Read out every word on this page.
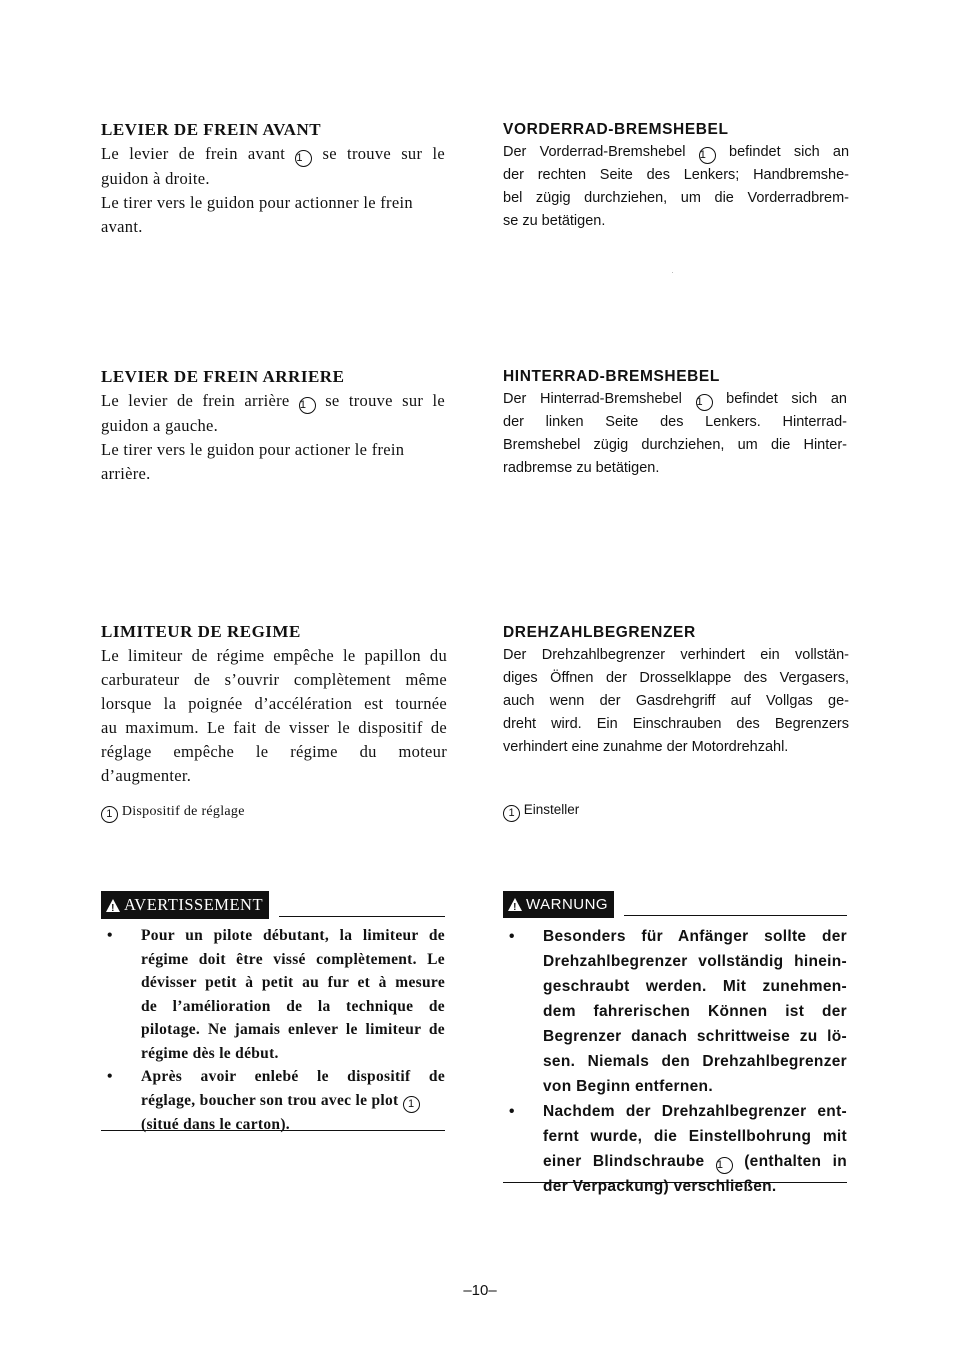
LEVIER DE FREIN AVANT

Le levier de frein avant 1 se trouve sur le
guidon à droite.
Le tirer vers le guidon pour actionner le frein
avant.

LEVIER DE FREIN ARRIERE

Le levier de frein arrière 1 se trouve sur le
guidon a gauche.
Le tirer vers le guidon pour actioner le frein
arrière.

LIMITEUR DE REGIME

Le limiteur de régime empêche le papillon du
carburateur de s’ouvrir complètement même
lorsque la poignée d’accélération est tournée
au maximum. Le fait de visser le dispositif de
réglage empêche le régime du moteur
d’augmenter.
1 Dispositif de réglage
! AVERTISSEMENT
• Pour un pilote débutant, la limiteur de
régime doit être vissé complètement. Le
dévisser petit à petit au fur et à mesure
de l’amélioration de la technique de
pilotage. Ne jamais enlever le limiteur de
régime dès le début.
• Après avoir enlebé le dispositif de
réglage, boucher son trou avec le plot 1
(situé dans le carton).

VORDERRAD-BREMSHEBEL

Der Vorderrad-Bremshebel 1 befindet sich an
der rechten Seite des Lenkers; Handbremshe-
bel zügig durchziehen, um die Vorderradbrem-
se zu betätigen.

HINTERRAD-BREMSHEBEL

Der Hinterrad-Bremshebel 1 befindet sich an
der linken Seite des Lenkers. Hinterrad-
Bremshebel zügig durchziehen, um die Hinter-
radbremse zu betätigen.

DREHZAHLBEGRENZER

Der Drehzahlbegrenzer verhindert ein vollstän-
diges Öffnen der Drosselklappe des Vergasers,
auch wenn der Gasdrehgriff auf Vollgas ge-
dreht wird. Ein Einschrauben des Begrenzers
verhindert eine zunahme der Motordrehzahl.
1 Einsteller
! WARNUNG
• Besonders für Anfänger sollte der
Drehzahlbegrenzer vollständig hinein-
geschraubt werden. Mit zunehmen-
dem fahrerischen Können ist der
Begrenzer danach schrittweise zu lö-
sen. Niemals den Drehzahlbegrenzer
von Beginn entfernen.
• Nachdem der Drehzahlbegrenzer ent-
fernt wurde, die Einstellbohrung mit
einer Blindschraube 1 (enthalten in
der Verpackung) verschließen.
–10–
